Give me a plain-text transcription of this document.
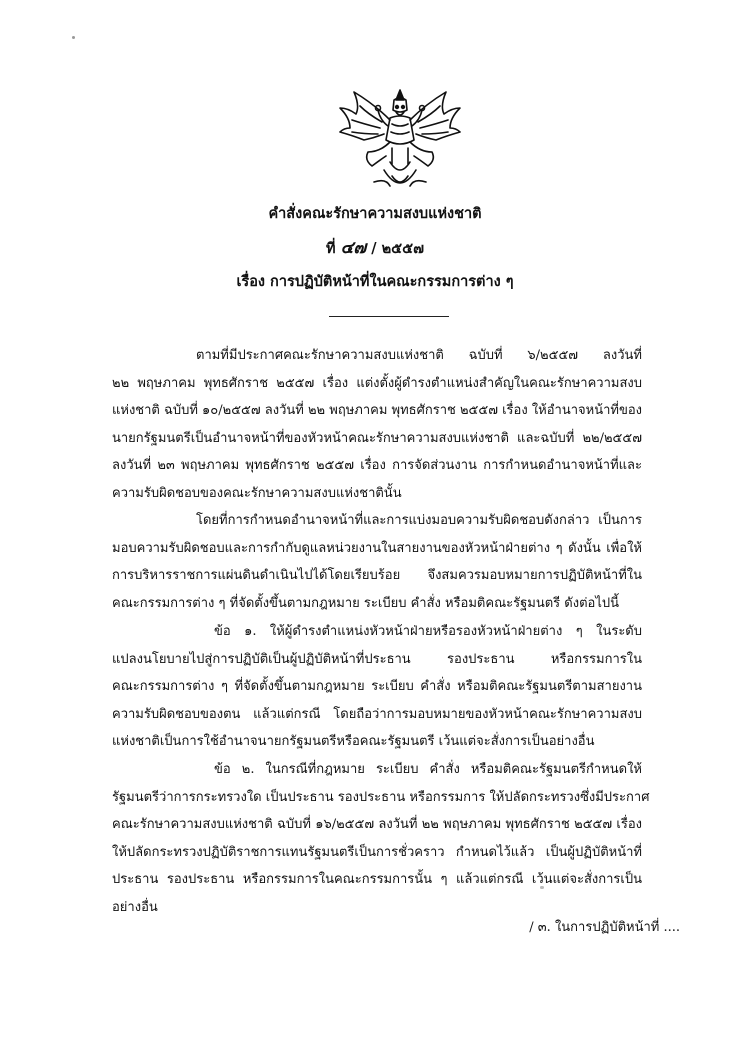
คำสั่งคณะรักษาความสงบแห่งชาติ
ที่ ๔๗ / ๒๕๕๗
เรื่อง การปฏิบัติหน้าที่ในคณะกรรมการต่าง ๆ

ตามที่มีประกาศคณะรักษาความสงบแห่งชาติ ฉบับที่ ๖/๒๕๕๗ ลงวันที่
๒๒ พฤษภาคม พุทธศักราช ๒๕๕๗ เรื่อง แต่งตั้งผู้ดำรงตำแหน่งสำคัญในคณะรักษาความสงบ
แห่งชาติ ฉบับที่ ๑๐/๒๕๕๗ ลงวันที่ ๒๒ พฤษภาคม พุทธศักราช ๒๕๕๗ เรื่อง ให้อำนาจหน้าที่ของ
นายกรัฐมนตรีเป็นอำนาจหน้าที่ของหัวหน้าคณะรักษาความสงบแห่งชาติ และฉบับที่ ๒๒/๒๕๕๗
ลงวันที่ ๒๓ พฤษภาคม พุทธศักราช ๒๕๕๗ เรื่อง การจัดส่วนงาน การกำหนดอำนาจหน้าที่และ
ความรับผิดชอบของคณะรักษาความสงบแห่งชาตินั้น

โดยที่การกำหนดอำนาจหน้าที่และการแบ่งมอบความรับผิดชอบดังกล่าว เป็นการ
มอบความรับผิดชอบและการกำกับดูแลหน่วยงานในสายงานของหัวหน้าฝ่ายต่าง ๆ ดังนั้น เพื่อให้
การบริหารราชการแผ่นดินดำเนินไปได้โดยเรียบร้อย จึงสมควรมอบหมายการปฏิบัติหน้าที่ใน
คณะกรรมการต่าง ๆ ที่จัดตั้งขึ้นตามกฎหมาย ระเบียบ คำสั่ง หรือมติคณะรัฐมนตรี ดังต่อไปนี้

ข้อ ๑. ให้ผู้ดำรงตำแหน่งหัวหน้าฝ่ายหรือรองหัวหน้าฝ่ายต่าง ๆ ในระดับ
แปลงนโยบายไปสู่การปฏิบัติเป็นผู้ปฏิบัติหน้าที่ประธาน รองประธาน หรือกรรมการใน
คณะกรรมการต่าง ๆ ที่จัดตั้งขึ้นตามกฎหมาย ระเบียบ คำสั่ง หรือมติคณะรัฐมนตรีตามสายงาน
ความรับผิดชอบของตน แล้วแต่กรณี โดยถือว่าการมอบหมายของหัวหน้าคณะรักษาความสงบ
แห่งชาติเป็นการใช้อำนาจนายกรัฐมนตรีหรือคณะรัฐมนตรี เว้นแต่จะสั่งการเป็นอย่างอื่น

ข้อ ๒. ในกรณีที่กฎหมาย ระเบียบ คำสั่ง หรือมติคณะรัฐมนตรีกำหนดให้
รัฐมนตรีว่าการกระทรวงใด เป็นประธาน รองประธาน หรือกรรมการ ให้ปลัดกระทรวงซึ่งมีประกาศ
คณะรักษาความสงบแห่งชาติ ฉบับที่ ๑๖/๒๕๕๗ ลงวันที่ ๒๒ พฤษภาคม พุทธศักราช ๒๕๕๗ เรื่อง
ให้ปลัดกระทรวงปฏิบัติราชการแทนรัฐมนตรีเป็นการชั่วคราว กำหนดไว้แล้ว เป็นผู้ปฏิบัติหน้าที่
ประธาน รองประธาน หรือกรรมการในคณะกรรมการนั้น ๆ แล้วแต่กรณี เว้นแต่จะสั่งการเป็น
อย่างอื่น

/ ๓. ในการปฏิบัติหน้าที่ ....
